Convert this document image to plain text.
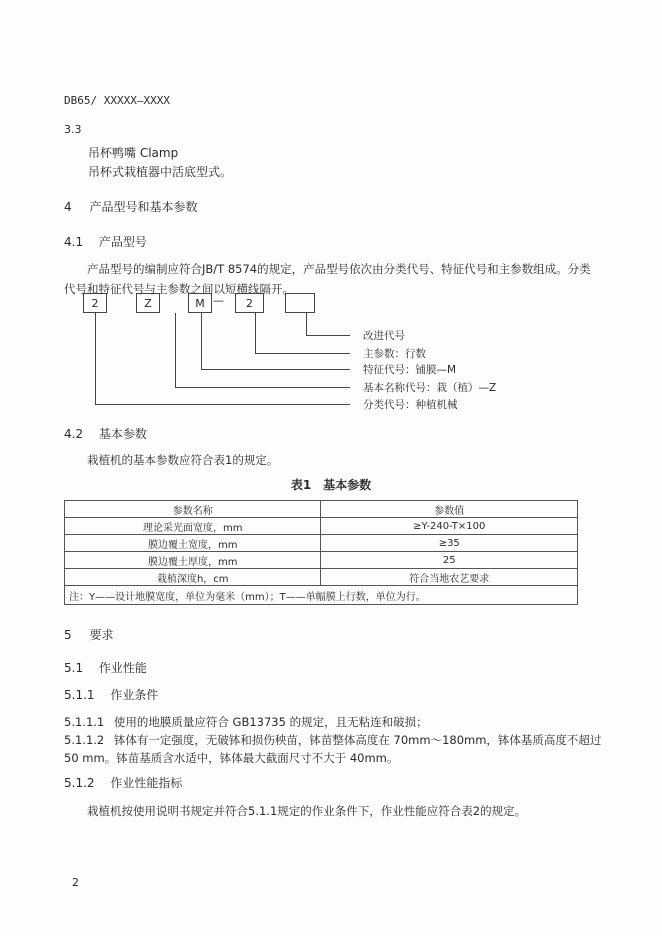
DB65/ XXXXX—XXXX
3.3
吊杯鸭嘴 Clamp
吊杯式栽植器中活底型式。
4 产品型号和基本参数
4.1 产品型号
产品型号的编制应符合JB/T 8574的规定，产品型号依次由分类代号、特征代号和主参数组成。分类代号和特征代号与主参数之间以短横线隔开。
2	Z	M —	2
改进代号
主参数：行数
特征代号：铺膜—M
基本名称代号：栽（植）—Z
分类代号：种植机械
4.2 基本参数
栽植机的基本参数应符合表1的规定。
表1　基本参数
参数名称	参数值
理论采光面宽度，mm	≥Y-240-T×100
膜边覆土宽度，mm	≥35
膜边覆土厚度，mm	25
栽植深度h，cm	符合当地农艺要求
注：Y——设计地膜宽度，单位为毫米（mm）；T——单幅膜上行数，单位为行。	
5 要求
5.1 作业性能
5.1.1 作业条件
5.1.1.1 使用的地膜质量应符合 GB13735 的规定，且无粘连和破损；
5.1.1.2 钵体有一定强度，无破钵和损伤秧苗，钵苗整体高度在 70mm～180mm，钵体基质高度不超过
50 mm。钵苗基质含水适中，钵体最大截面尺寸不大于 40mm。
5.1.2 作业性能指标
栽植机按使用说明书规定并符合5.1.1规定的作业条件下，作业性能应符合表2的规定。
2
